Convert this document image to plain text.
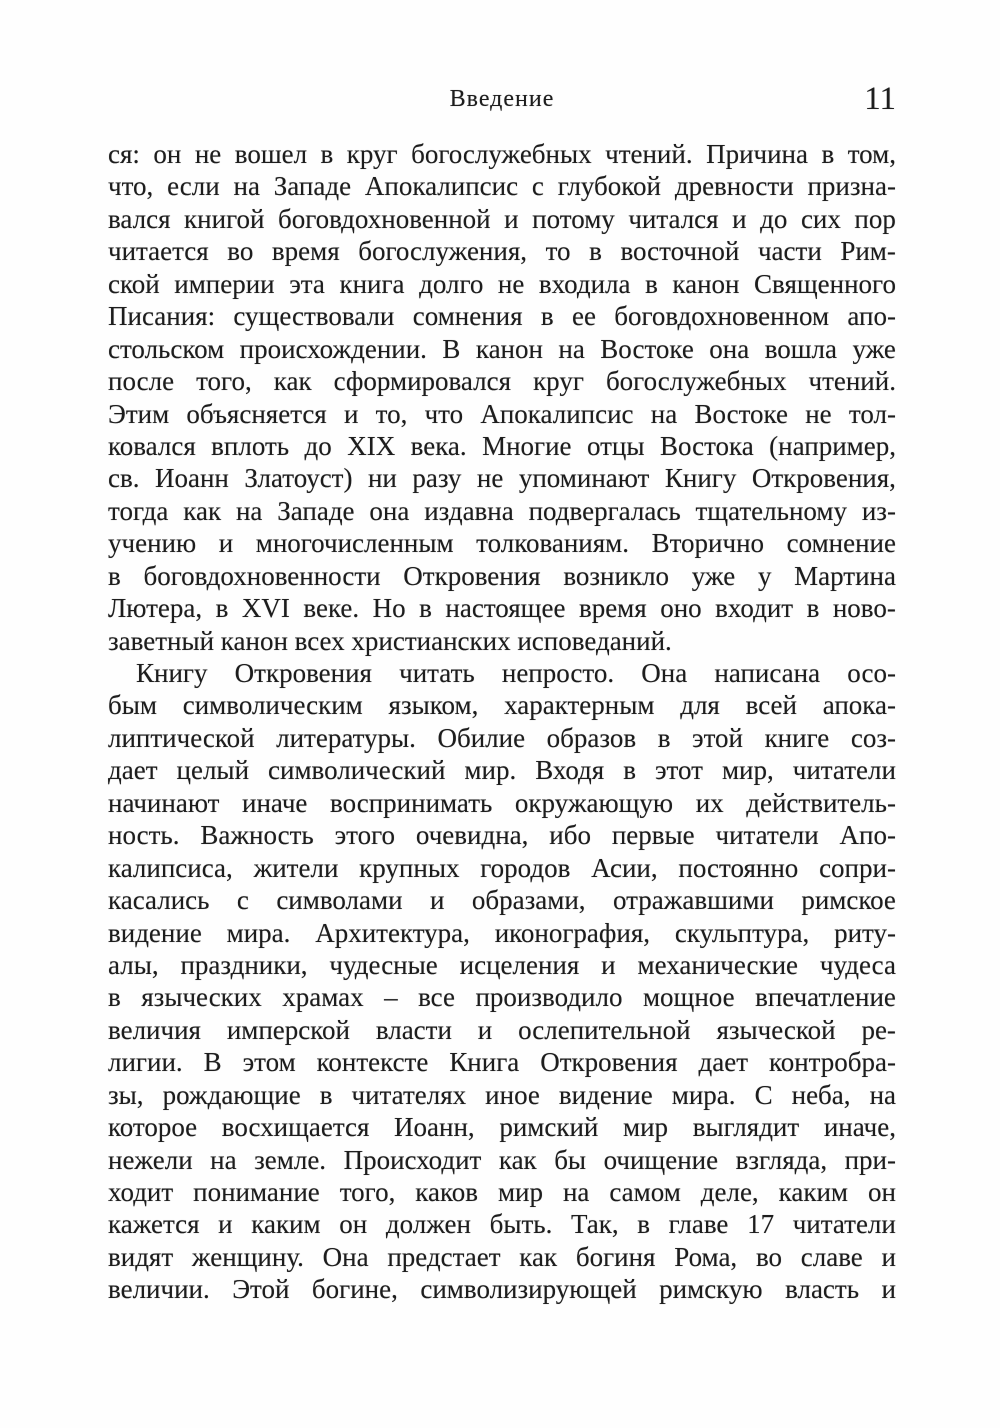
Введение	11
ся: он не вошел в круг богослужебных чтений. Причина в том,
что, если на Западе Апокалипсис с глубокой древности призна-
вался книгой боговдохновенной и потому читался и до сих пор
читается во время богослужения, то в восточной части Рим-
ской империи эта книга долго не входила в канон Священного
Писания: существовали сомнения в ее боговдохновенном апо-
стольском происхождении. В канон на Востоке она вошла уже
после того, как сформировался круг богослужебных чтений.
Этим объясняется и то, что Апокалипсис на Востоке не тол-
ковался вплоть до XIX века. Многие отцы Востока (например,
св. Иоанн Златоуст) ни разу не упоминают Книгу Откровения,
тогда как на Западе она издавна подвергалась тщательному из-
учению и многочисленным толкованиям. Вторично сомнение
в боговдохновенности Откровения возникло уже у Мартина
Лютера, в XVI веке. Но в настоящее время оно входит в ново-
заветный канон всех христианских исповеданий.
Книгу Откровения читать непросто. Она написана осо-
бым символическим языком, характерным для всей апока-
липтической литературы. Обилие образов в этой книге соз-
дает целый символический мир. Входя в этот мир, читатели
начинают иначе воспринимать окружающую их действитель-
ность. Важность этого очевидна, ибо первые читатели Апо-
калипсиса, жители крупных городов Асии, постоянно сопри-
касались с символами и образами, отражавшими римское
видение мира. Архитектура, иконография, скульптура, риту-
алы, праздники, чудесные исцеления и механические чудеса
в языческих храмах – все производило мощное впечатление
величия имперской власти и ослепительной языческой ре-
лигии. В этом контексте Книга Откровения дает контробра-
зы, рождающие в читателях иное видение мира. С неба, на
которое восхищается Иоанн, римский мир выглядит иначе,
нежели на земле. Происходит как бы очищение взгляда, при-
ходит понимание того, каков мир на самом деле, каким он
кажется и каким он должен быть. Так, в главе 17 читатели
видят женщину. Она предстает как богиня Рома, во славе и
величии. Этой богине, символизирующей римскую власть и
